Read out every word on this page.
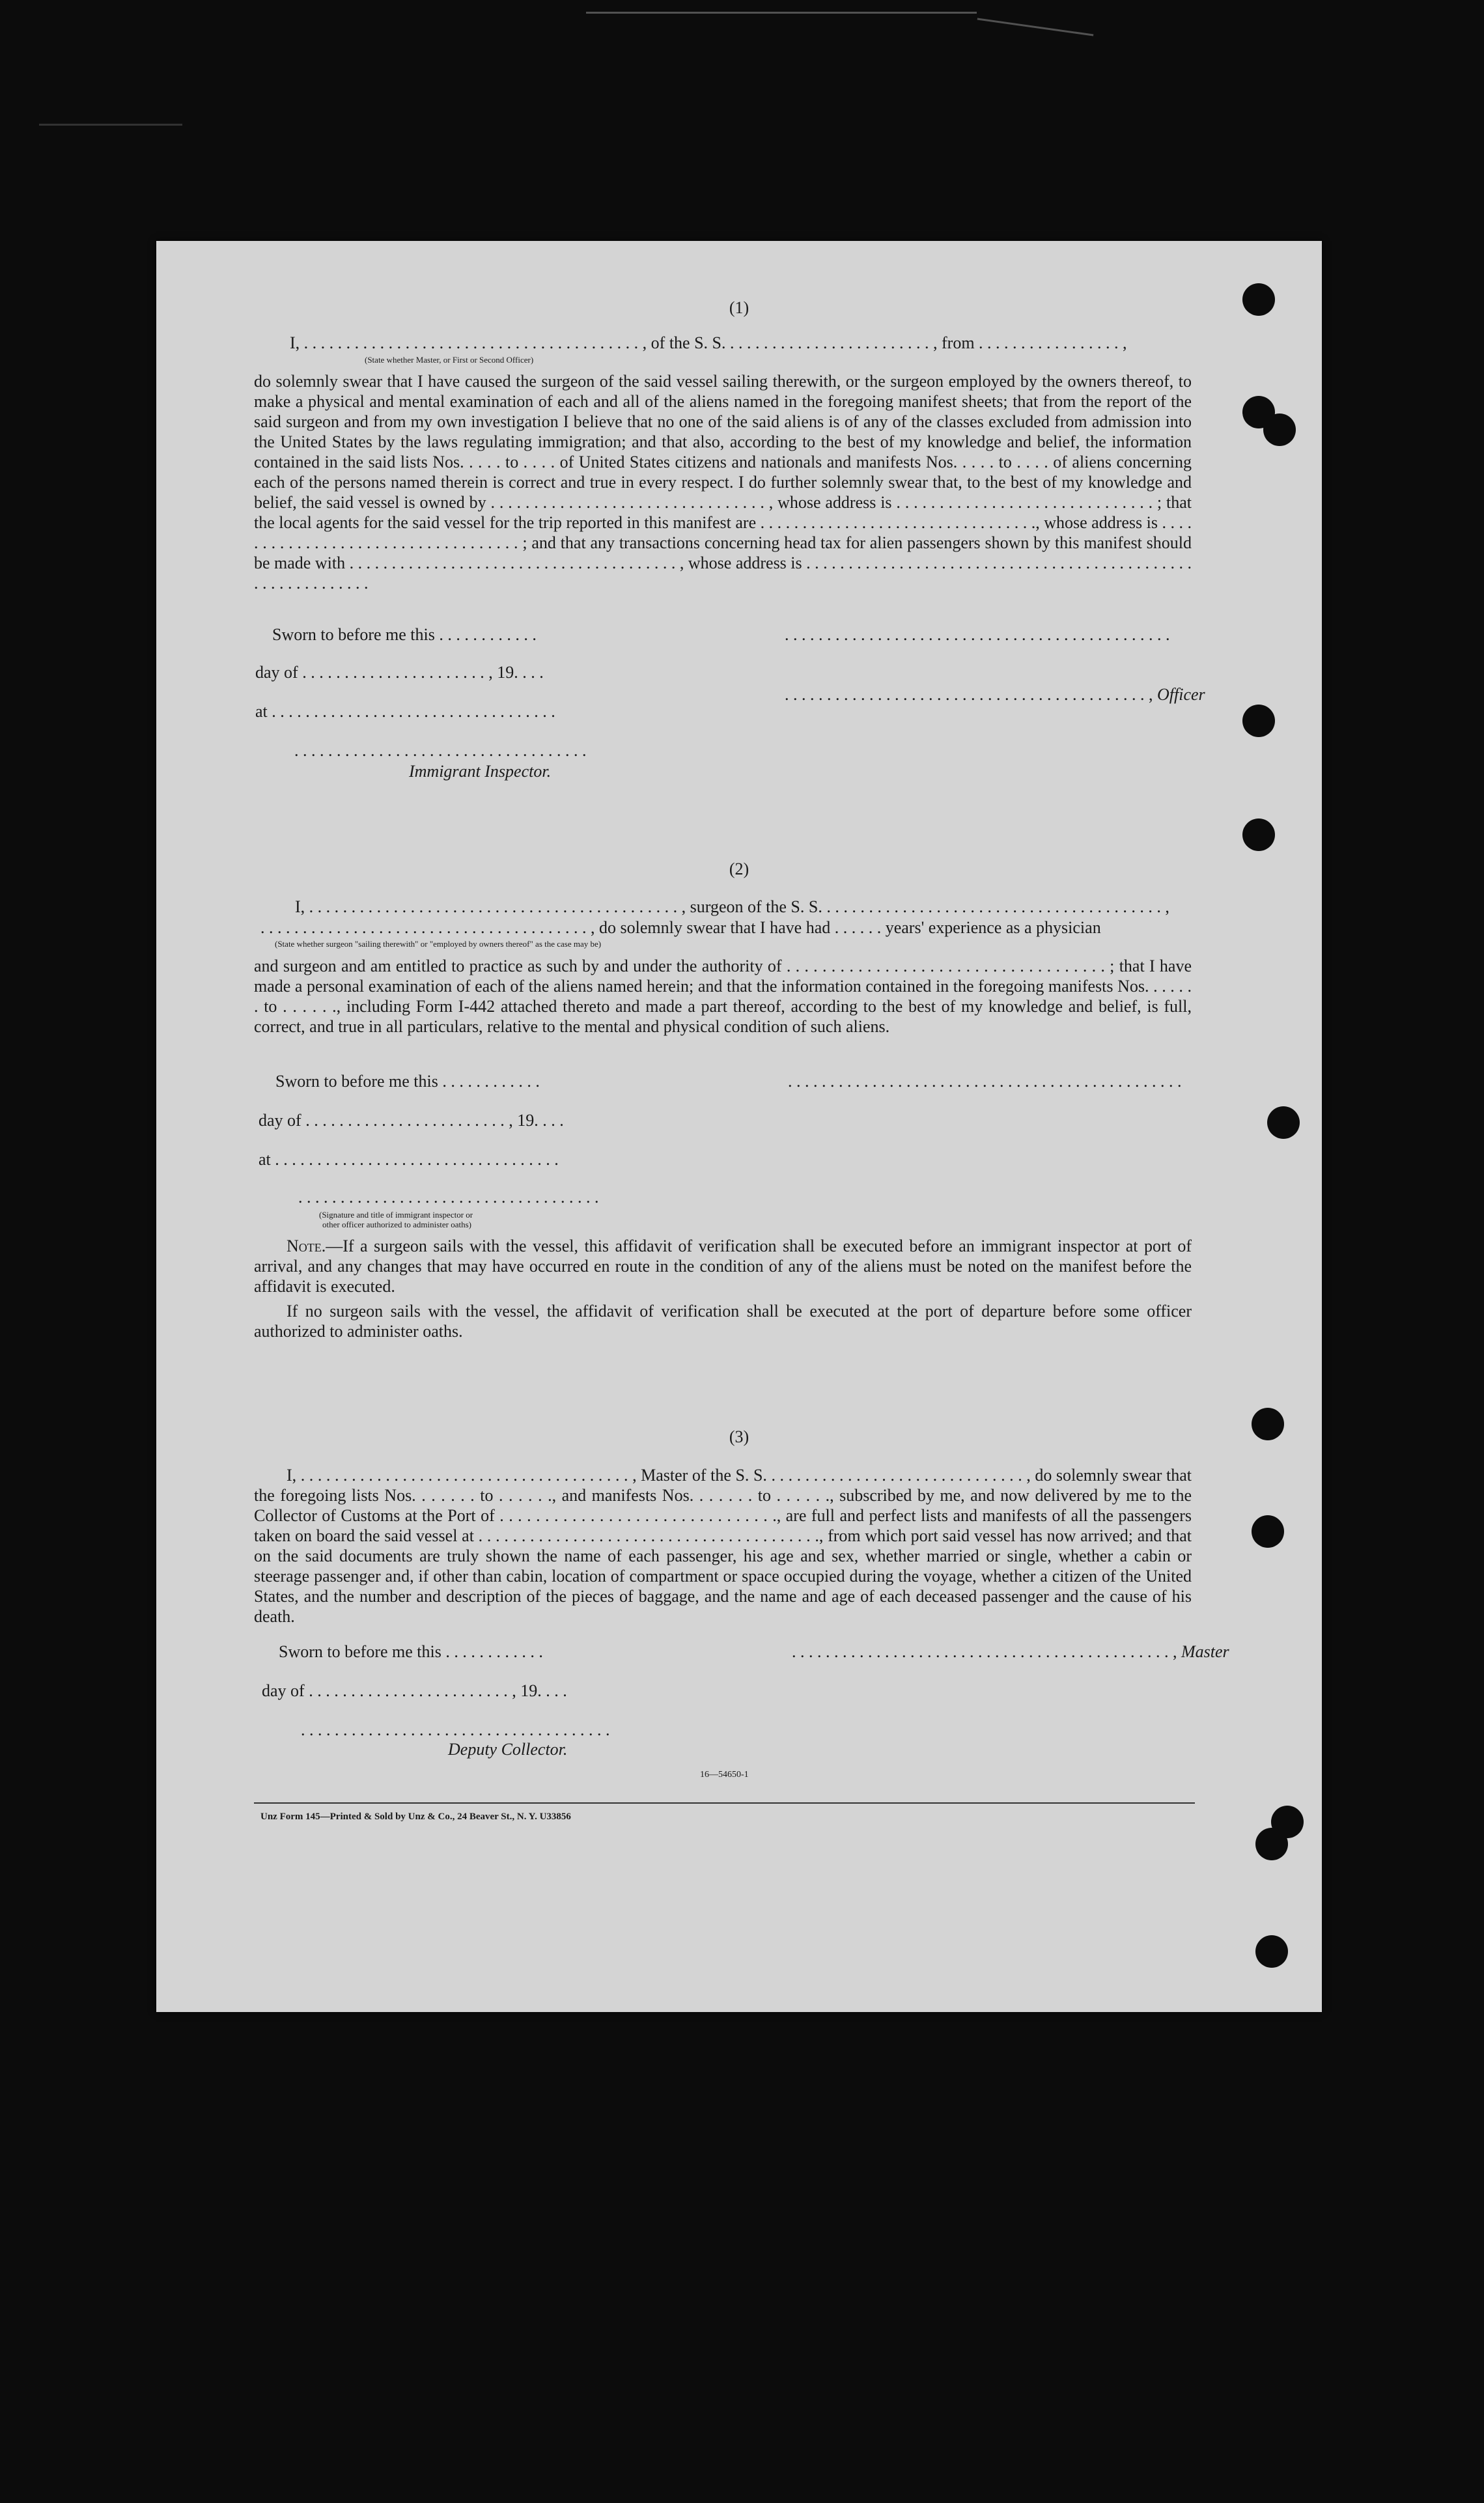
(1)
I, . . . . . . . . . . . . . . . . . . . . . . . . . . . . . . . . . . . . . . . . , of the S. S. . . . . . . . . . . . . . . . . . . . . . . . . , from . . . . . . . . . . . . . . . . . ,
(State whether Master, or First or Second Officer)
do solemnly swear that I have caused the surgeon of the said vessel sailing therewith, or the surgeon employed by the owners thereof, to make a physical and mental examination of each and all of the aliens named in the foregoing manifest sheets; that from the report of the said surgeon and from my own investigation I believe that no one of the said aliens is of any of the classes excluded from admission into the United States by the laws regulating immigration; and that also, according to the best of my knowledge and belief, the information contained in the said lists Nos. . . . . to . . . . of United States citizens and nationals and manifests Nos. . . . . to . . . . of aliens concerning each of the persons named therein is correct and true in every respect. I do further solemnly swear that, to the best of my knowledge and belief, the said vessel is owned by . . . . . . . . . . . . . . . . . . . . . . . . . . . . . . . . , whose address is . . . . . . . . . . . . . . . . . . . . . . . . . . . . . . ; that the local agents for the said vessel for the trip reported in this manifest are . . . . . . . . . . . . . . . . . . . . . . . . . . . . . . . . ., whose address is . . . . . . . . . . . . . . . . . . . . . . . . . . . . . . . . . . . ; and that any transactions concerning head tax for alien passengers shown by this manifest should be made with . . . . . . . . . . . . . . . . . . . . . . . . . . . . . . . . . . . . . . . , whose address is . . . . . . . . . . . . . . . . . . . . . . . . . . . . . . . . . . . . . . . . . . . . . . . . . . . . . . . . . . . .
Sworn to before me this . . . . . . . . . . . .	. . . . . . . . . . . . . . . . . . . . . . . . . . . . . . . . . . . . . . . . . . . . . .
day of . . . . . . . . . . . . . . . . . . . . . . , 19. . . .
. . . . . . . . . . . . . . . . . . . . . . . . . . . . . . . . . . . . . . . . . . . , Officer
at . . . . . . . . . . . . . . . . . . . . . . . . . . . . . . . . . .
. . . . . . . . . . . . . . . . . . . . . . . . . . . . . . . . . . .
Immigrant Inspector.
(2)
I, . . . . . . . . . . . . . . . . . . . . . . . . . . . . . . . . . . . . . . . . . . . . , surgeon of the S. S. . . . . . . . . . . . . . . . . . . . . . . . . . . . . . . . . . . . . . . . . ,
. . . . . . . . . . . . . . . . . . . . . . . . . . . . . . . . . . . . . . . , do solemnly swear that I have had . . . . . . years' experience as a physician
(State whether surgeon "sailing therewith" or "employed by owners thereof" as the case may be)
and surgeon and am entitled to practice as such by and under the authority of . . . . . . . . . . . . . . . . . . . . . . . . . . . . . . . . . . . . ; that I have made a personal examination of each of the aliens named herein; and that the information contained in the foregoing manifests Nos. . . . . . . to . . . . . ., including Form I-442 attached thereto and made a part thereof, according to the best of my knowledge and belief, is full, correct, and true in all particulars, relative to the mental and physical condition of such aliens.
Sworn to before me this . . . . . . . . . . . .	. . . . . . . . . . . . . . . . . . . . . . . . . . . . . . . . . . . . . . . . . . . . . . .
day of . . . . . . . . . . . . . . . . . . . . . . . . , 19. . . .
at . . . . . . . . . . . . . . . . . . . . . . . . . . . . . . . . . .
. . . . . . . . . . . . . . . . . . . . . . . . . . . . . . . . . . . .
(Signature and title of immigrant inspector or
other officer authorized to administer oaths)
Note.—If a surgeon sails with the vessel, this affidavit of verification shall be executed before an immigrant inspector at port of arrival, and any changes that may have occurred en route in the condition of any of the aliens must be noted on the manifest before the affidavit is executed.
If no surgeon sails with the vessel, the affidavit of verification shall be executed at the port of departure before some officer authorized to administer oaths.
(3)
I, . . . . . . . . . . . . . . . . . . . . . . . . . . . . . . . . . . . . . . . , Master of the S. S. . . . . . . . . . . . . . . . . . . . . . . . . . . . . . . , do solemnly swear that the foregoing lists Nos. . . . . . . to . . . . . ., and manifests Nos. . . . . . . to . . . . . ., subscribed by me, and now delivered by me to the Collector of Customs at the Port of . . . . . . . . . . . . . . . . . . . . . . . . . . . . . . ., are full and perfect lists and manifests of all the passengers taken on board the said vessel at . . . . . . . . . . . . . . . . . . . . . . . . . . . . . . . . . . . . . . . ., from which port said vessel has now arrived; and that on the said documents are truly shown the name of each passenger, his age and sex, whether married or single, whether a cabin or steerage passenger and, if other than cabin, location of compartment or space occupied during the voyage, whether a citizen of the United States, and the number and description of the pieces of baggage, and the name and age of each deceased passenger and the cause of his death.
Sworn to before me this . . . . . . . . . . . .	. . . . . . . . . . . . . . . . . . . . . . . . . . . . . . . . . . . . . . . . . . . . . , Master
day of . . . . . . . . . . . . . . . . . . . . . . . . , 19. . . .
. . . . . . . . . . . . . . . . . . . . . . . . . . . . . . . . . . . . .
Deputy Collector.
16—54650-1
Unz Form 145—Printed & Sold by Unz & Co., 24 Beaver St., N. Y. U33856
